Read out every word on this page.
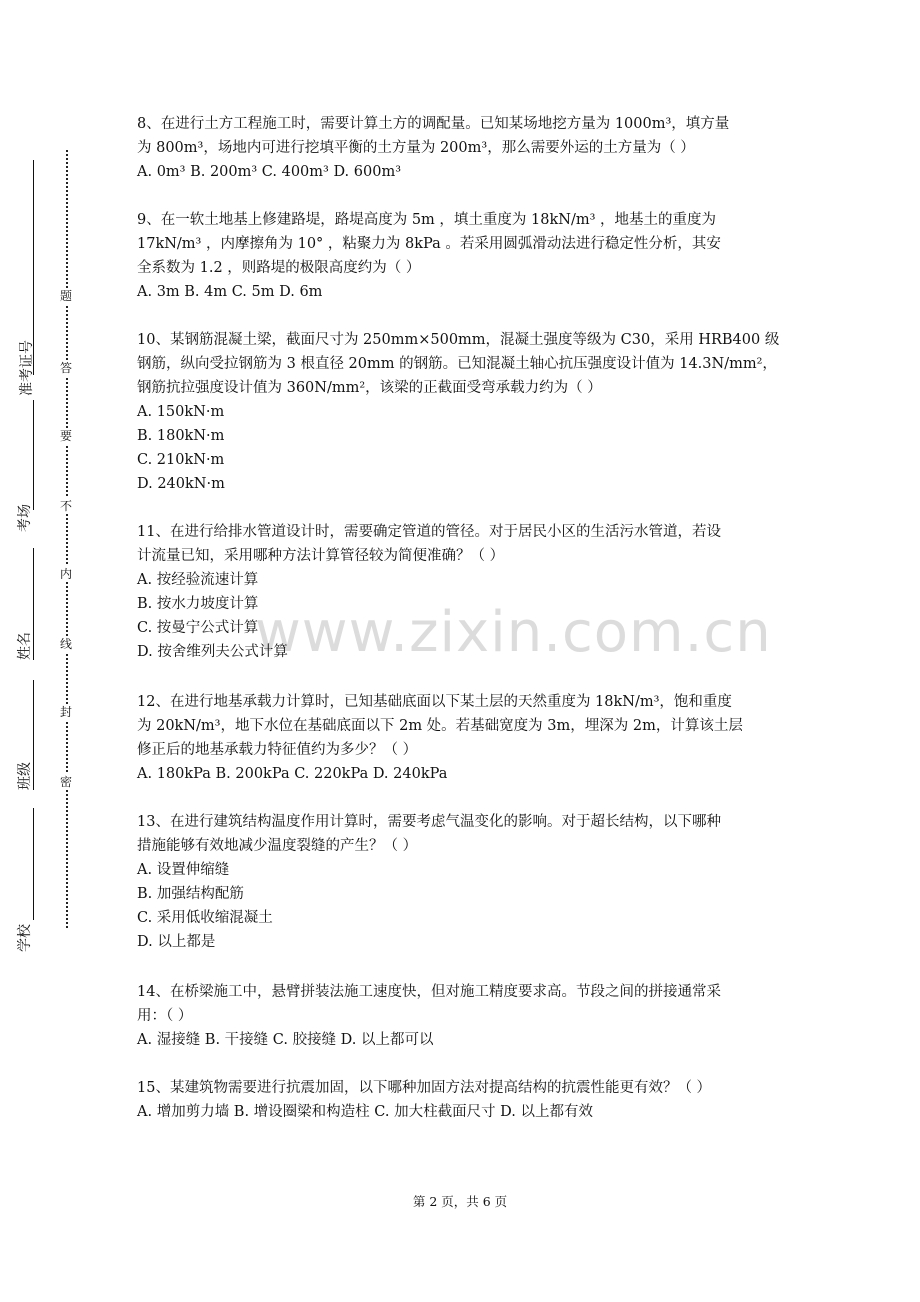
准考证号
考场
姓名
班级
学校
题
答
要
不
内
线
封
密
www.zixin.com.cn

8、在进行土方工程施工时，需要计算土方的调配量。已知某场地挖方量为 1000m³，填方量

为 800m³，场地内可进行挖填平衡的土方量为 200m³，那么需要外运的土方量为（ ）

A. 0m³ B. 200m³ C. 400m³ D. 600m³

9、在一软土地基上修建路堤，路堤高度为 5m ，填土重度为 18kN/m³ ，地基土的重度为

17kN/m³ ，内摩擦角为 10° ，粘聚力为 8kPa 。若采用圆弧滑动法进行稳定性分析，其安

全系数为 1.2 ，则路堤的极限高度约为（ ）

A. 3m B. 4m C. 5m D. 6m

10、某钢筋混凝土梁，截面尺寸为 250mm×500mm，混凝土强度等级为 C30，采用 HRB400 级

钢筋，纵向受拉钢筋为 3 根直径 20mm 的钢筋。已知混凝土轴心抗压强度设计值为 14.3N/mm²，

钢筋抗拉强度设计值为 360N/mm²，该梁的正截面受弯承载力约为（ ）

A. 150kN·m

B. 180kN·m

C. 210kN·m

D. 240kN·m

11、在进行给排水管道设计时，需要确定管道的管径。对于居民小区的生活污水管道，若设

计流量已知，采用哪种方法计算管径较为简便准确？（ ）

A. 按经验流速计算

B. 按水力坡度计算

C. 按曼宁公式计算

D. 按舍维列夫公式计算

12、在进行地基承载力计算时，已知基础底面以下某土层的天然重度为 18kN/m³，饱和重度

为 20kN/m³，地下水位在基础底面以下 2m 处。若基础宽度为 3m，埋深为 2m，计算该土层

修正后的地基承载力特征值约为多少？（ ）

A. 180kPa B. 200kPa C. 220kPa D. 240kPa

13、在进行建筑结构温度作用计算时，需要考虑气温变化的影响。对于超长结构，以下哪种

措施能够有效地减少温度裂缝的产生？（ ）

A. 设置伸缩缝

B. 加强结构配筋

C. 采用低收缩混凝土

D. 以上都是

14、在桥梁施工中，悬臂拼装法施工速度快，但对施工精度要求高。节段之间的拼接通常采

用：（ ）

A. 湿接缝 B. 干接缝 C. 胶接缝 D. 以上都可以

15、某建筑物需要进行抗震加固，以下哪种加固方法对提高结构的抗震性能更有效？（ ）

A. 增加剪力墙 B. 增设圈梁和构造柱 C. 加大柱截面尺寸 D. 以上都有效

第 2 页，共 6 页
